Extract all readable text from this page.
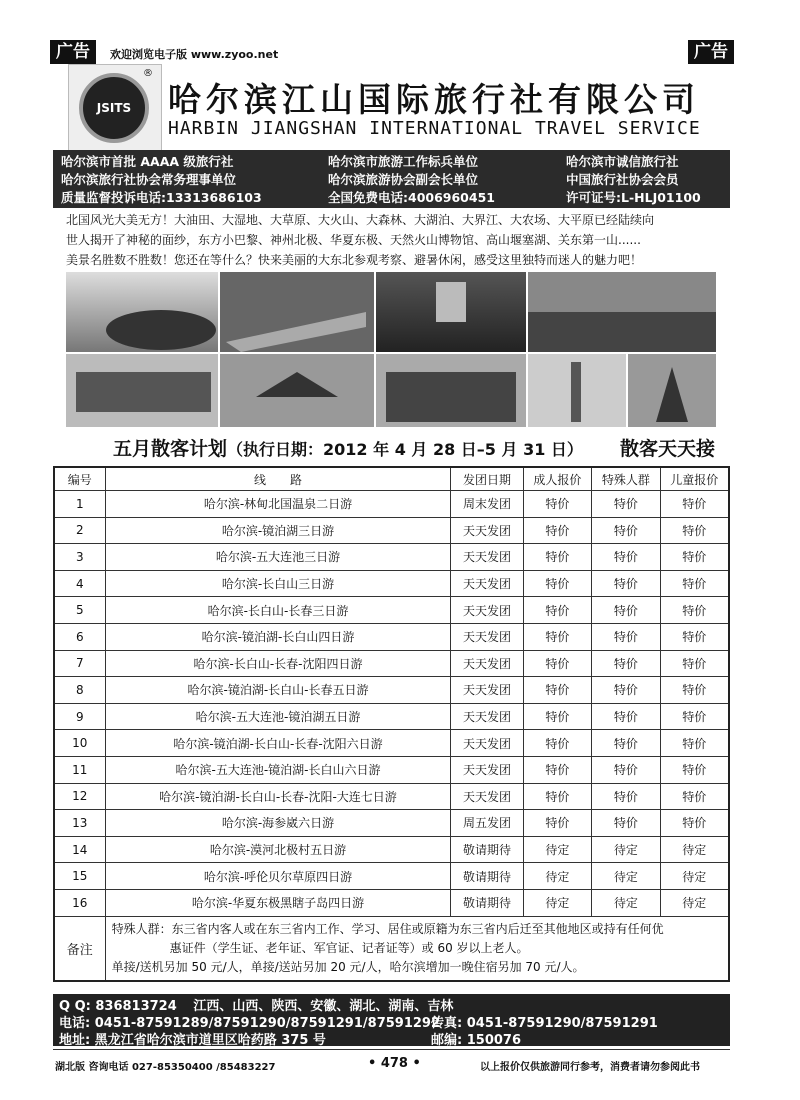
广告	欢迎浏览电子版 www.zyoo.net	广告
JSITS
®
哈尔滨江山国际旅行社有限公司
HARBIN JIANGSHAN INTERNATIONAL TRAVEL SERVICE
哈尔滨市首批 AAAA 级旅行社	哈尔滨市旅游工作标兵单位	哈尔滨市诚信旅行社
哈尔滨旅行社协会常务理事单位	哈尔滨旅游协会副会长单位	中国旅行社协会会员
质量监督投诉电话:13313686103	全国免费电话:4006960451	许可证号:L-HLJ01100
北国风光大美无方！大油田、大湿地、大草原、大火山、大森林、大湖泊、大界江、大农场、大平原已经陆续向
世人揭开了神秘的面纱，东方小巴黎、神州北极、华夏东极、天然火山博物馆、高山堰塞湖、关东第一山......
美景名胜数不胜数！您还在等什么？快来美丽的大东北参观考察、避暑休闲，感受这里独特而迷人的魅力吧！
五月散客计划（执行日期：2012 年 4 月 28 日–5 月 31 日） 散客天天接
编号	线　　路	发团日期	成人报价	特殊人群	儿童报价
1	哈尔滨-林甸北国温泉二日游	周末发团	特价	特价	特价
2	哈尔滨-镜泊湖三日游	天天发团	特价	特价	特价
3	哈尔滨-五大连池三日游	天天发团	特价	特价	特价
4	哈尔滨-长白山三日游	天天发团	特价	特价	特价
5	哈尔滨-长白山-长春三日游	天天发团	特价	特价	特价
6	哈尔滨-镜泊湖-长白山四日游	天天发团	特价	特价	特价
7	哈尔滨-长白山-长春-沈阳四日游	天天发团	特价	特价	特价
8	哈尔滨-镜泊湖-长白山-长春五日游	天天发团	特价	特价	特价
9	哈尔滨-五大连池-镜泊湖五日游	天天发团	特价	特价	特价
10	哈尔滨-镜泊湖-长白山-长春-沈阳六日游	天天发团	特价	特价	特价
11	哈尔滨-五大连池-镜泊湖-长白山六日游	天天发团	特价	特价	特价
12	哈尔滨-镜泊湖-长白山-长春-沈阳-大连七日游	天天发团	特价	特价	特价
13	哈尔滨-海参崴六日游	周五发团	特价	特价	特价
14	哈尔滨-漠河北极村五日游	敬请期待	待定	待定	待定
15	哈尔滨-呼伦贝尔草原四日游	敬请期待	待定	待定	待定
16	哈尔滨-华夏东极黑瞎子岛四日游	敬请期待	待定	待定	待定
备注	特殊人群：东三省内客人或在东三省内工作、学习、居住或原籍为东三省内后迁至其他地区或持有任何优
惠证件（学生证、老年证、军官证、记者证等）或 60 岁以上老人。
单接/送机另加 50 元/人，单接/送站另加 20 元/人，哈尔滨增加一晚住宿另加 70 元/人。				
Q Q: 836813724 江西、山西、陕西、安徽、湖北、湖南、吉林
电话: 0451-87591289/87591290/87591291/87591292
传真: 0451-87591290/87591291
地址: 黑龙江省哈尔滨市道里区哈药路 375 号	邮编: 150076
湖北版 咨询电话 027-85350400 /85483227	• 478 •	以上报价仅供旅游同行参考，消费者请勿参阅此书
